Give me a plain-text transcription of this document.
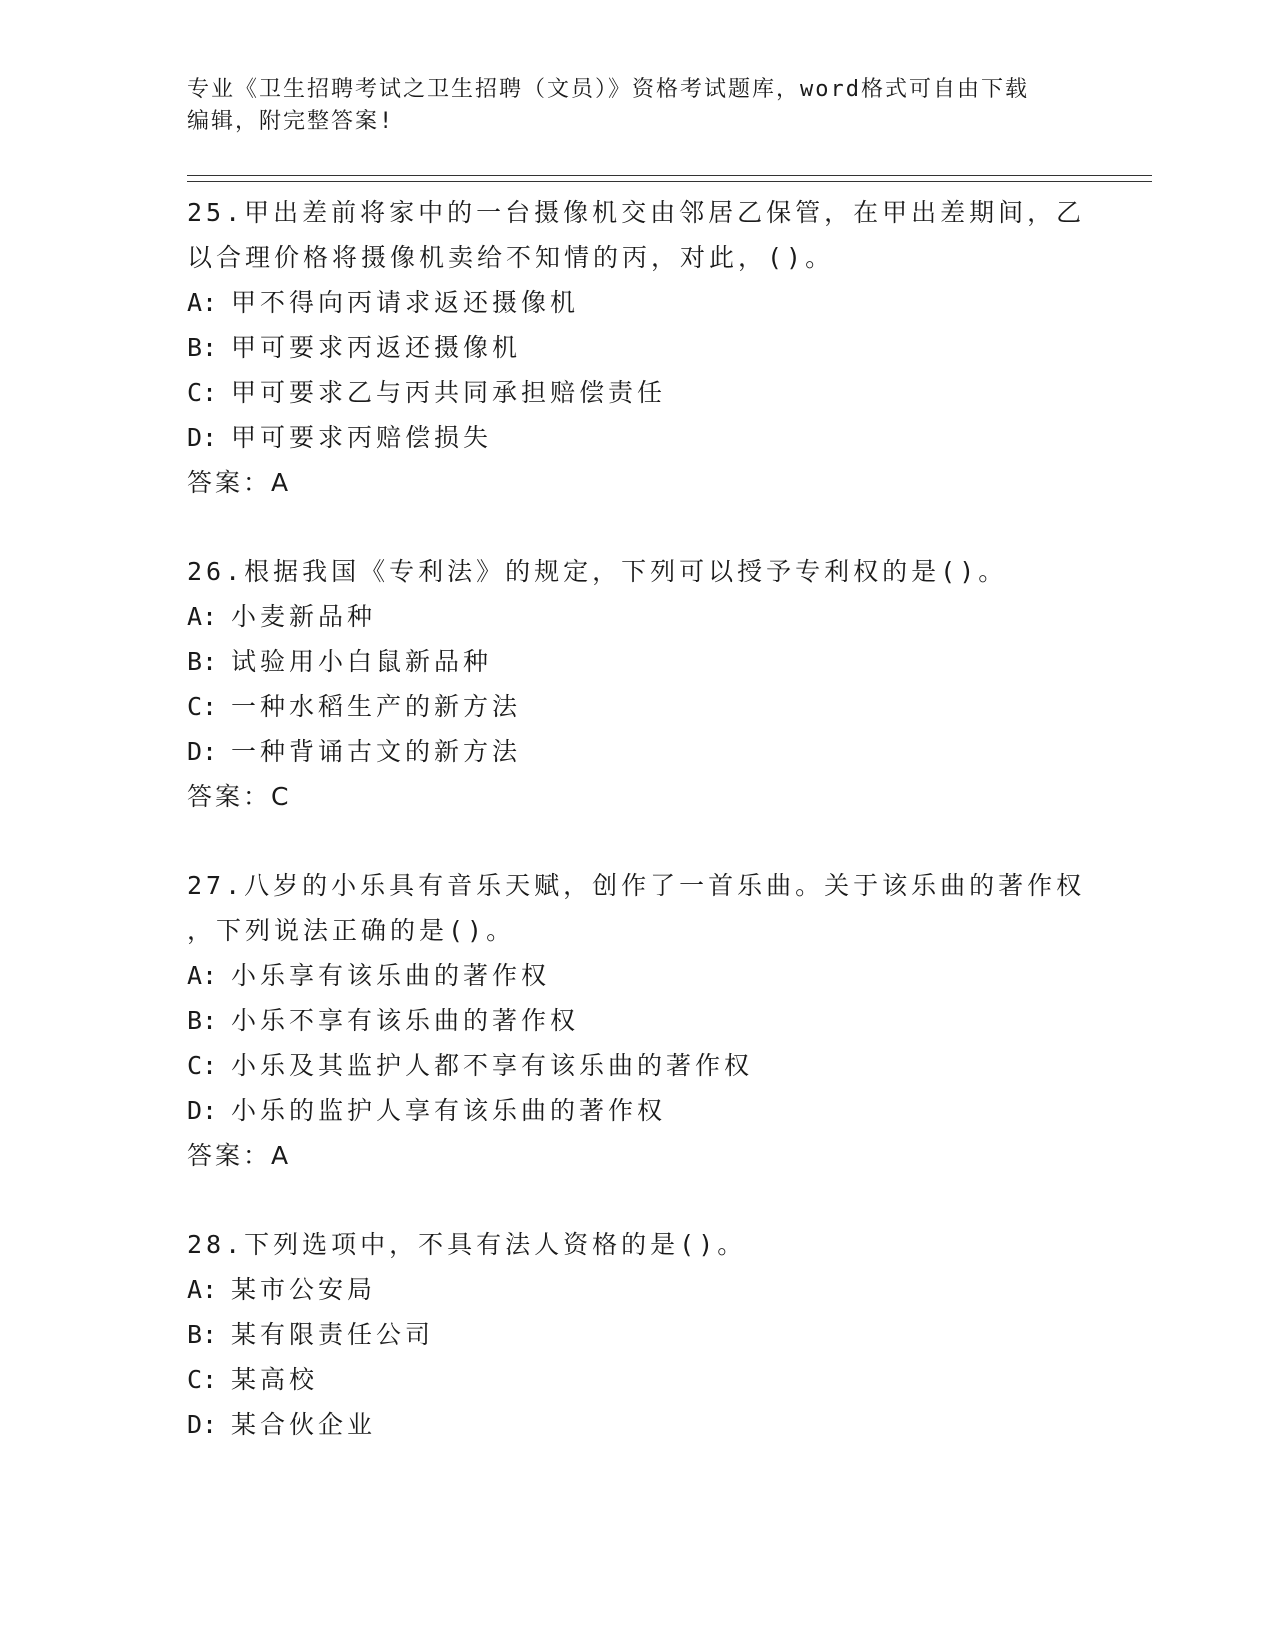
专业《卫生招聘考试之卫生招聘（文员）》资格考试题库，word格式可自由下载
编辑，附完整答案!

25.甲出差前将家中的一台摄像机交由邻居乙保管，在甲出差期间，乙

以合理价格将摄像机卖给不知情的丙，对此，()。

A: 甲不得向丙请求返还摄像机

B: 甲可要求丙返还摄像机

C: 甲可要求乙与丙共同承担赔偿责任

D: 甲可要求丙赔偿损失

答案：A

26.根据我国《专利法》的规定，下列可以授予专利权的是()。

A: 小麦新品种

B: 试验用小白鼠新品种

C: 一种水稻生产的新方法

D: 一种背诵古文的新方法

答案：C

27.八岁的小乐具有音乐天赋，创作了一首乐曲。关于该乐曲的著作权

，下列说法正确的是()。

A: 小乐享有该乐曲的著作权

B: 小乐不享有该乐曲的著作权

C: 小乐及其监护人都不享有该乐曲的著作权

D: 小乐的监护人享有该乐曲的著作权

答案：A

28.下列选项中，不具有法人资格的是()。

A: 某市公安局

B: 某有限责任公司

C: 某高校

D: 某合伙企业
